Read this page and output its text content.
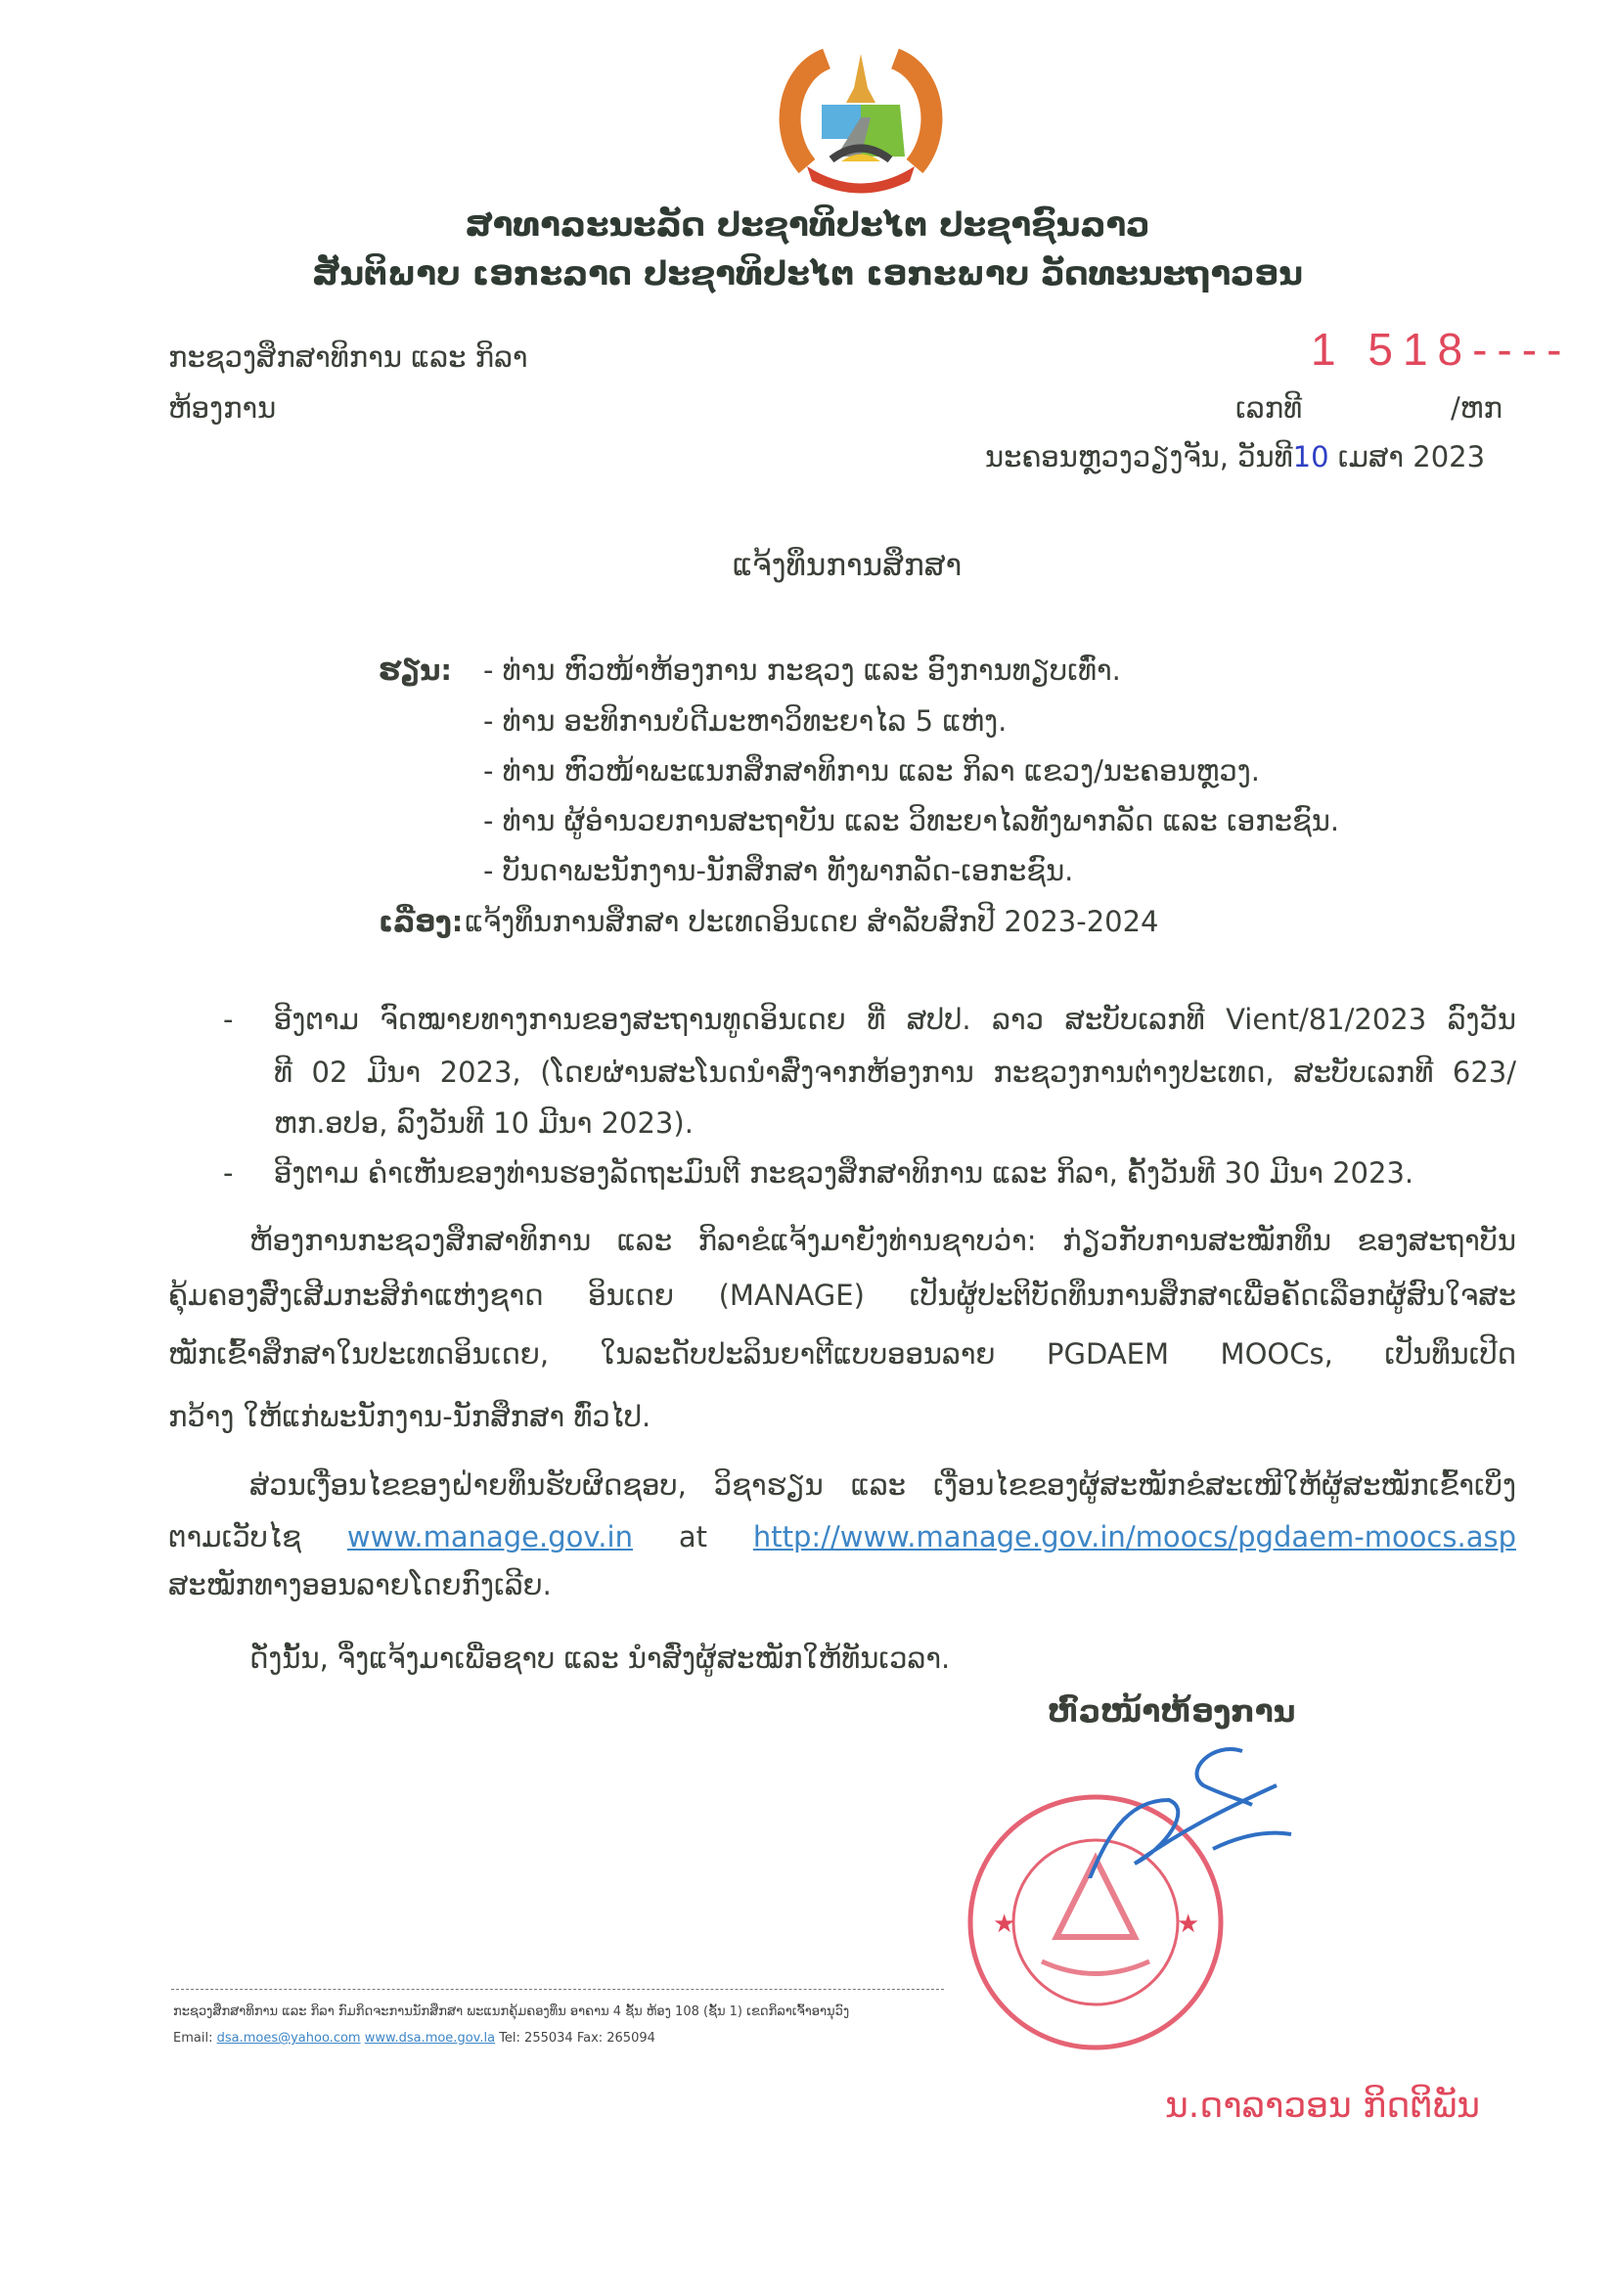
ສາທາລະນະລັດ ປະຊາທິປະໄຕ ປະຊາຊົນລາວ
ສັນຕິພາບ ເອກະລາດ ປະຊາທິປະໄຕ ເອກະພາບ ວັດທະນະຖາວອນ
ກະຊວງສຶກສາທິການ ແລະ ກິລາ
ຫ້ອງການ
1 518----
ເລກທີ	/ຫກ
ນະຄອນຫຼວງວຽງຈັນ, ວັນທີ10 ເມສາ 2023
ແຈ້ງທຶນການສຶກສາ
ຮຽນ: - ທ່ານ ຫົວໜ້າຫ້ອງການ ກະຊວງ ແລະ ອົງການທຽບເທົ່າ.
- ທ່ານ ອະທິການບໍດີມະຫາວິທະຍາໄລ 5 ແຫ່ງ.
- ທ່ານ ຫົວໜ້າພະແນກສຶກສາທິການ ແລະ ກິລາ ແຂວງ/ນະຄອນຫຼວງ.
- ທ່ານ ຜູ້ອຳນວຍການສະຖາບັນ ແລະ ວິທະຍາໄລທັງພາກລັດ ແລະ ເອກະຊົນ.
- ບັນດາພະນັກງານ-ນັກສຶກສາ ທັງພາກລັດ-ເອກະຊົນ.
ເລື່ອງ: ແຈ້ງທຶນການສຶກສາ ປະເທດອິນເດຍ ສຳລັບສົກປີ 2023-2024
- ອີງຕາມ ຈົດໝາຍທາງການຂອງສະຖານທູດອິນເດຍ ທີ່ ສປປ. ລາວ ສະບັບເລກທີ Vient/81/2023 ລົງວັນ
ທີ 02 ມີນາ 2023, (ໂດຍຜ່ານສະໂນດນຳສົ່ງຈາກຫ້ອງການ ກະຊວງການຕ່າງປະເທດ, ສະບັບເລກທີ 623/
ຫກ.ອປອ, ລົງວັນທີ 10 ມີນາ 2023).
- ອີງຕາມ ຄຳເຫັນຂອງທ່ານຮອງລັດຖະມົນຕີ ກະຊວງສຶກສາທິການ ແລະ ກິລາ, ຄັ້ງວັນທີ 30 ມີນາ 2023.
ຫ້ອງການກະຊວງສຶກສາທິການ ແລະ ກິລາຂໍແຈ້ງມາຍັງທ່ານຊາບວ່າ: ກ່ຽວກັບການສະໝັກທຶນ ຂອງສະຖາບັນ
ຄຸ້ມຄອງສົ່ງເສີມກະສິກຳແຫ່ງຊາດ ອິນເດຍ (MANAGE) ເປັນຜູ້ປະຕິບັດທຶນການສຶກສາເພື່ອຄັດເລືອກຜູ້ສົນໃຈສະ
ໝັກເຂົ້າສຶກສາໃນປະເທດອິນເດຍ, ໃນລະດັບປະລິນຍາຕີແບບອອນລາຍ PGDAEM MOOCs, ເປັນທຶນເປີດ
ກວ້າງ ໃຫ້ແກ່ພະນັກງານ-ນັກສຶກສາ ທົ່ວໄປ.
ສ່ວນເງື່ອນໄຂຂອງຝ່າຍທຶນຮັບຜິດຊອບ, ວິຊາຮຽນ ແລະ ເງື່ອນໄຂຂອງຜູ້ສະໝັກຂໍສະເໜີໃຫ້ຜູ້ສະໝັກເຂົ້າເບິ່ງ
ຕາມເວັບໄຊ www.manage.gov.in at http://www.manage.gov.in/moocs/pgdaem-moocs.asp
ສະໝັກທາງອອນລາຍໂດຍກົງເລີຍ.
ດັ່ງນັ້ນ, ຈຶ່ງແຈ້ງມາເພື່ອຊາບ ແລະ ນຳສົ່ງຜູ້ສະໝັກໃຫ້ທັນເວລາ.
ຫົວໜ້າຫ້ອງການ
★	★
ນ.ດາລາວອນ ກິດຕິພັນ
ກະຊວງສຶກສາທິການ ແລະ ກິລາ ກົມກິດຈະການນັກສຶກສາ ພະແນກຄຸ້ມຄອງທຶນ ອາຄານ 4 ຊັ້ນ ຫ້ອງ 108 (ຊັ້ນ 1) ເຂດກິລາເຈົ້າອານຸວົງ
Email: dsa.moes@yahoo.com www.dsa.moe.gov.la Tel: 255034 Fax: 265094
